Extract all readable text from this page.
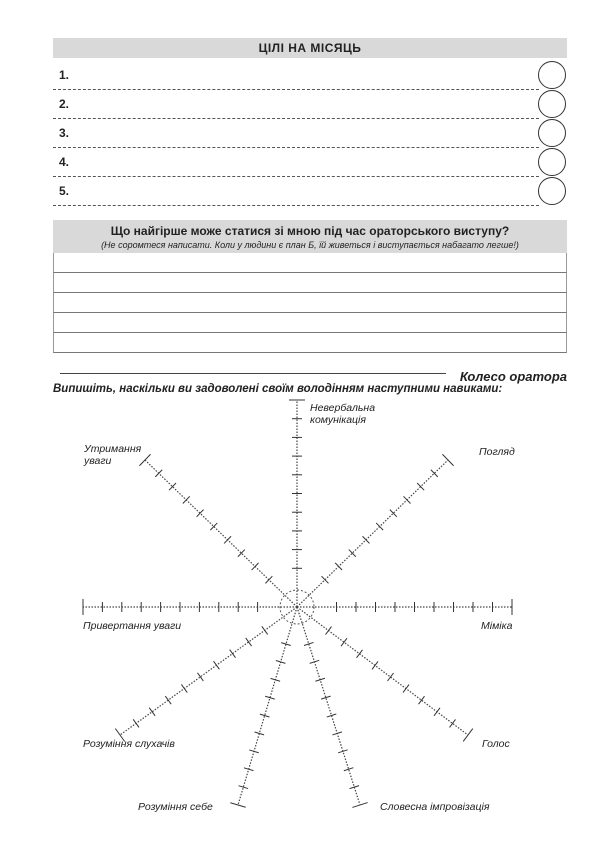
ЦІЛІ НА МІСЯЦЬ
1.
2.
3.
4.
5.
Що найгірше може статися зі мною під час ораторського виступу?
(Не соромтеся написати. Коли у людини є план Б, їй живеться і виступається набагато легше!)
Колесо оратора
Випишіть, наскільки ви задоволені своїм володінням наступними навиками:
Невербальна
комунікація
Погляд
Міміка
Голос
Словесна імпровізація
Розуміння себе
Розуміння слухачів
Привертання уваги
Утримання
уваги
